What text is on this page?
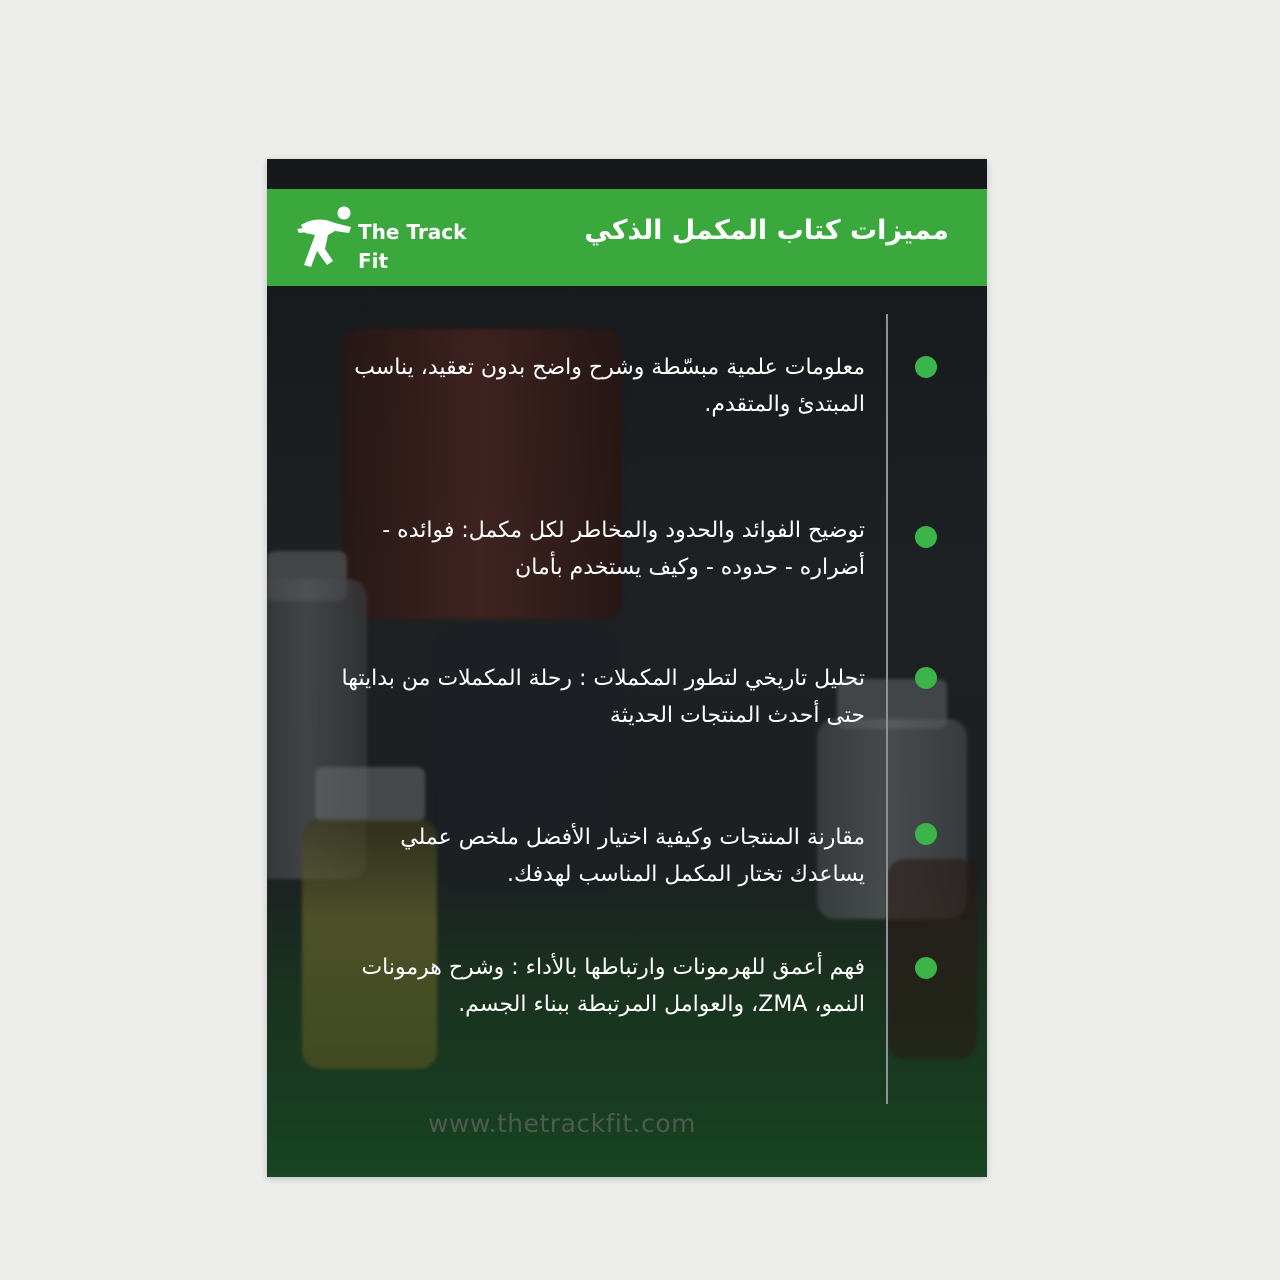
The Track Fit
مميزات كتاب المكمل الذكي

معلومات علمية مبسّطة وشرح واضح بدون تعقيد، يناسب المبتدئ والمتقدم.

توضيح الفوائد والحدود والمخاطر لكل مكمل: فوائده - أضراره - حدوده - وكيف يستخدم بأمان

تحليل تاريخي لتطور المكملات : رحلة المكملات من بدايتها حتى أحدث المنتجات الحديثة

مقارنة المنتجات وكيفية اختيار الأفضل ملخص عملي يساعدك تختار المكمل المناسب لهدفك.

فهم أعمق للهرمونات وارتباطها بالأداء : وشرح هرمونات النمو، ZMA، والعوامل المرتبطة ببناء الجسم.

www.thetrackfit.com
